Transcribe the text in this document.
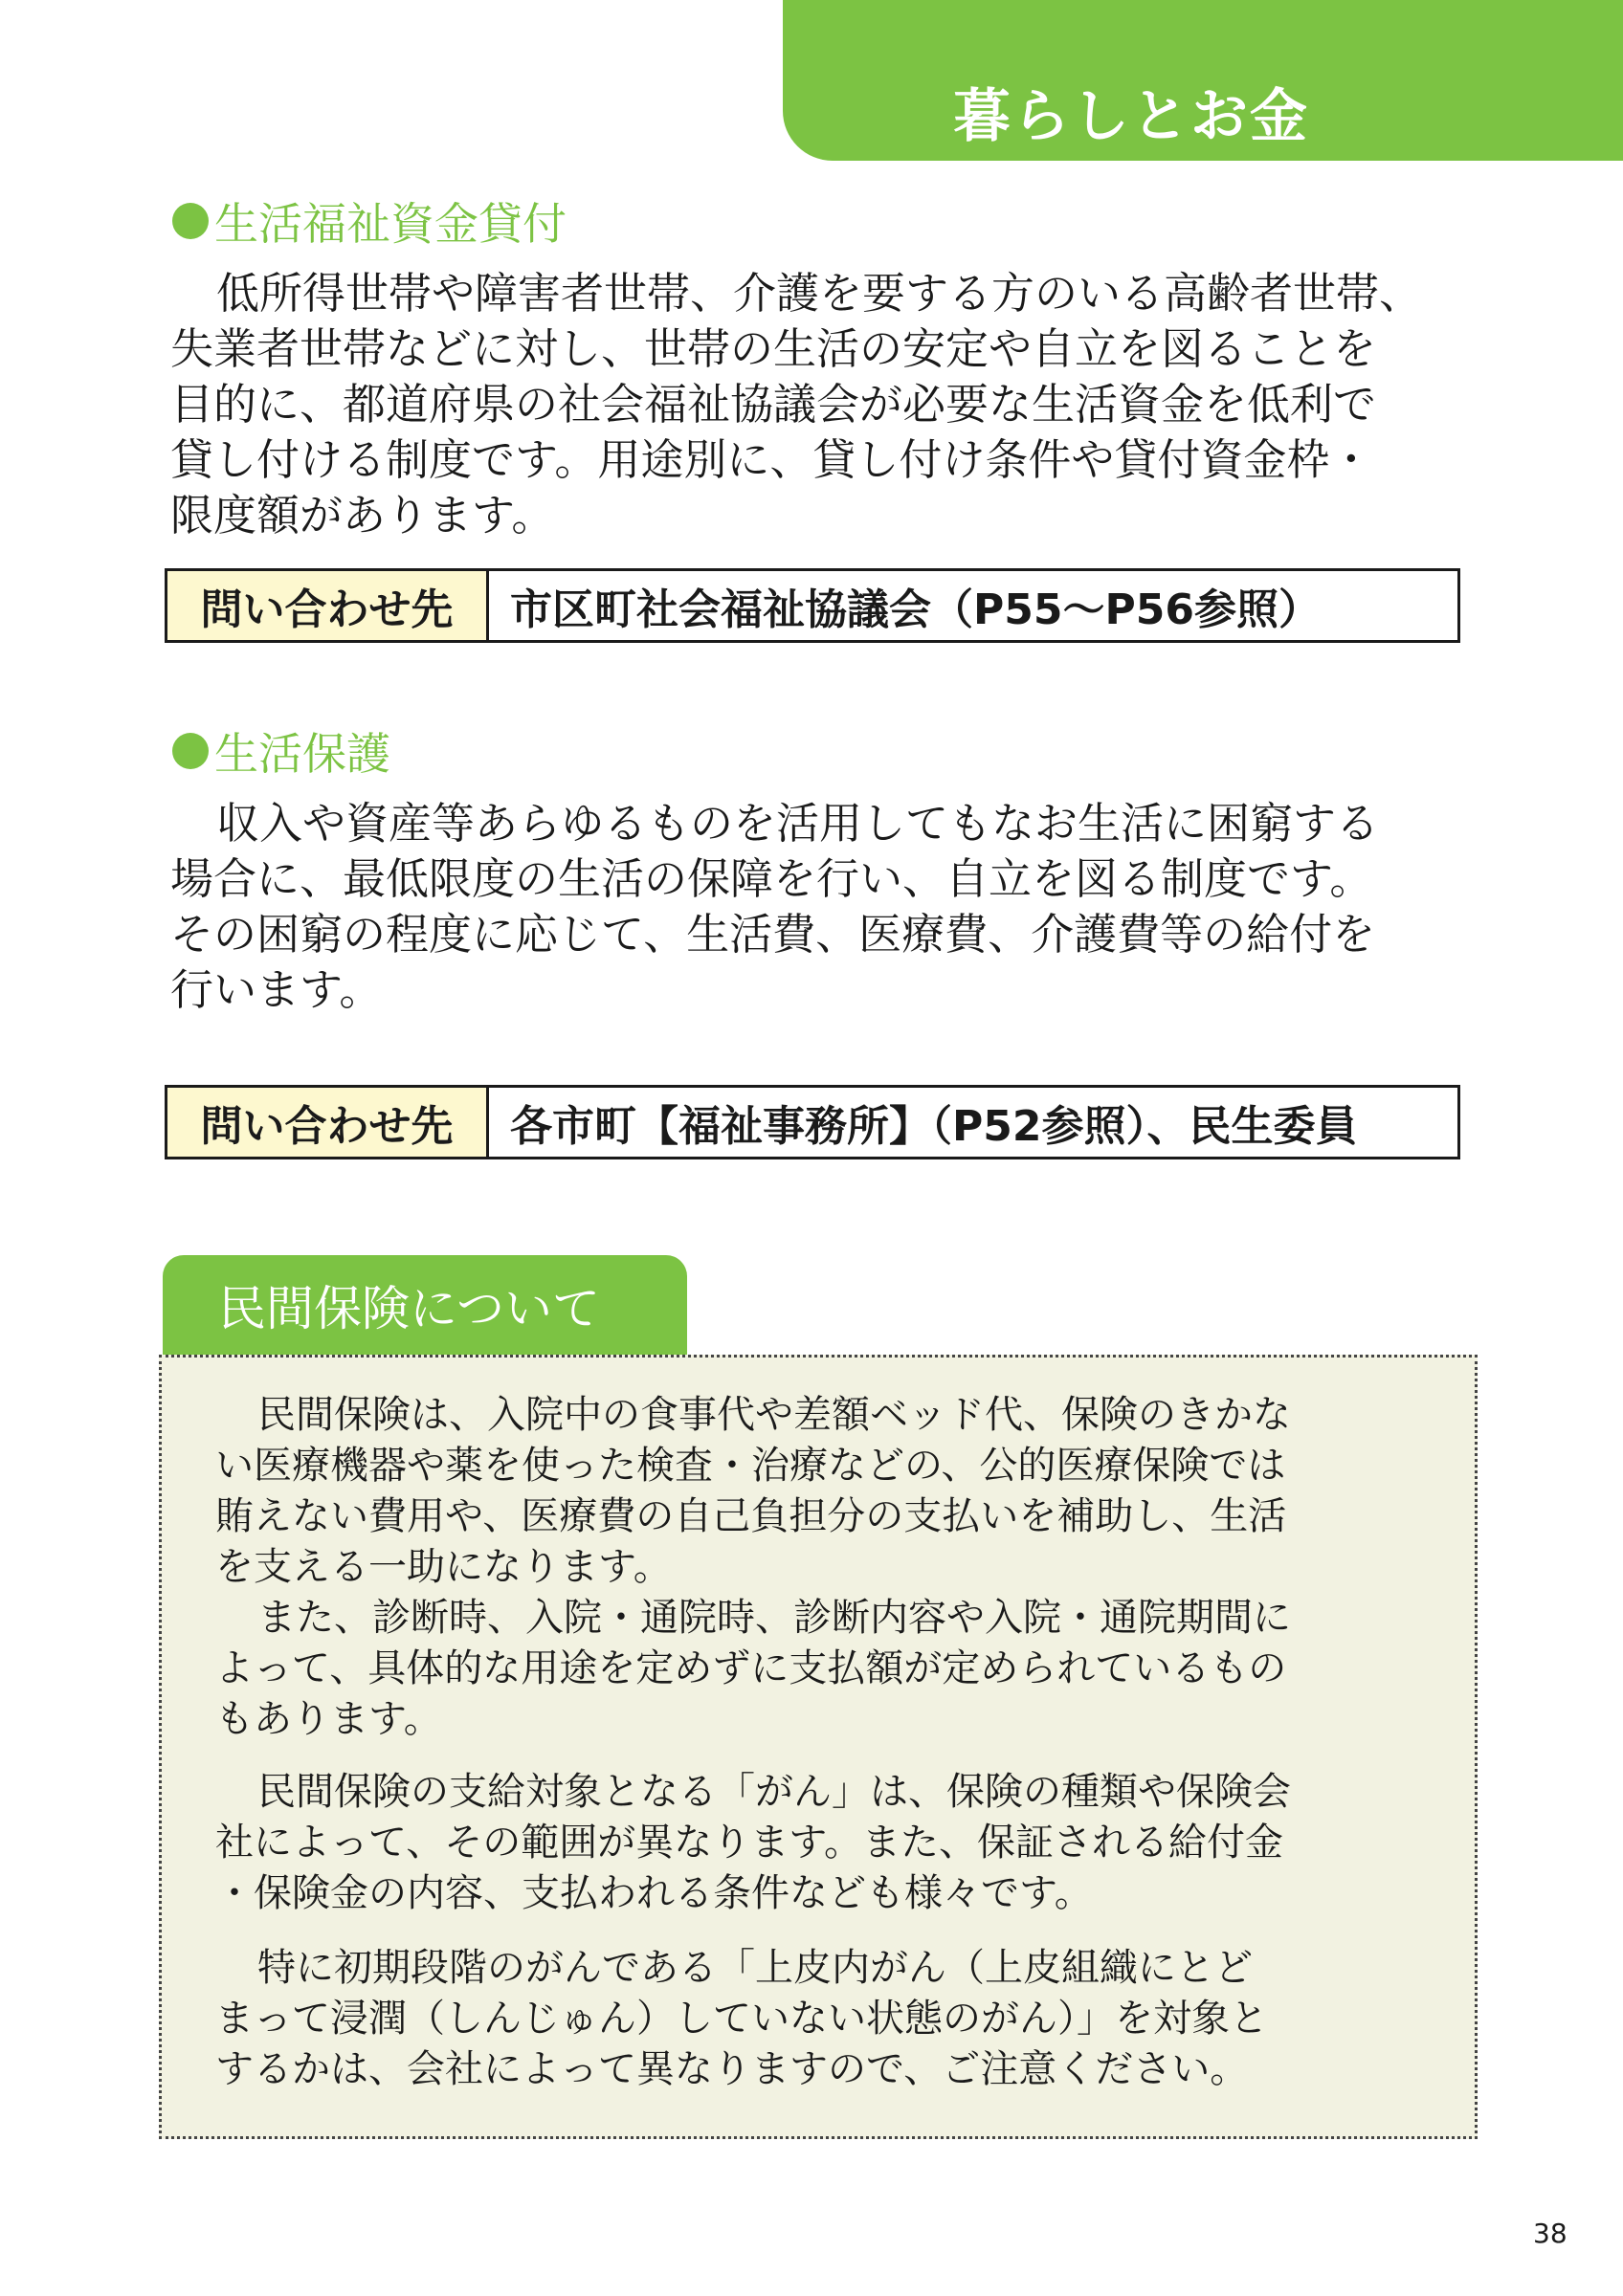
暮らしとお金
生活福祉資金貸付
低所得世帯や障害者世帯、介護を要する方のいる高齢者世帯、
失業者世帯などに対し、世帯の生活の安定や自立を図ることを
目的に、都道府県の社会福祉協議会が必要な生活資金を低利で
貸し付ける制度です。用途別に、貸し付け条件や貸付資金枠・
限度額があります。
問い合わせ先	市区町社会福祉協議会（P55～P56参照）
生活保護
収入や資産等あらゆるものを活用してもなお生活に困窮する
場合に、最低限度の生活の保障を行い、自立を図る制度です。
その困窮の程度に応じて、生活費、医療費、介護費等の給付を
行います。
問い合わせ先	各市町【福祉事務所】（P52参照）、民生委員
民間保険について
民間保険は、入院中の食事代や差額ベッド代、保険のきかな
い医療機器や薬を使った検査・治療などの、公的医療保険では
賄えない費用や、医療費の自己負担分の支払いを補助し、生活
を支える一助になります。
また、診断時、入院・通院時、診断内容や入院・通院期間に
よって、具体的な用途を定めずに支払額が定められているもの
もあります。
民間保険の支給対象となる「がん」は、保険の種類や保険会
社によって、その範囲が異なります。また、保証される給付金
・保険金の内容、支払われる条件なども様々です。
特に初期段階のがんである「上皮内がん（上皮組織にとど
まって浸潤（しんじゅん）していない状態のがん）」を対象と
するかは、会社によって異なりますので、ご注意ください。
38
